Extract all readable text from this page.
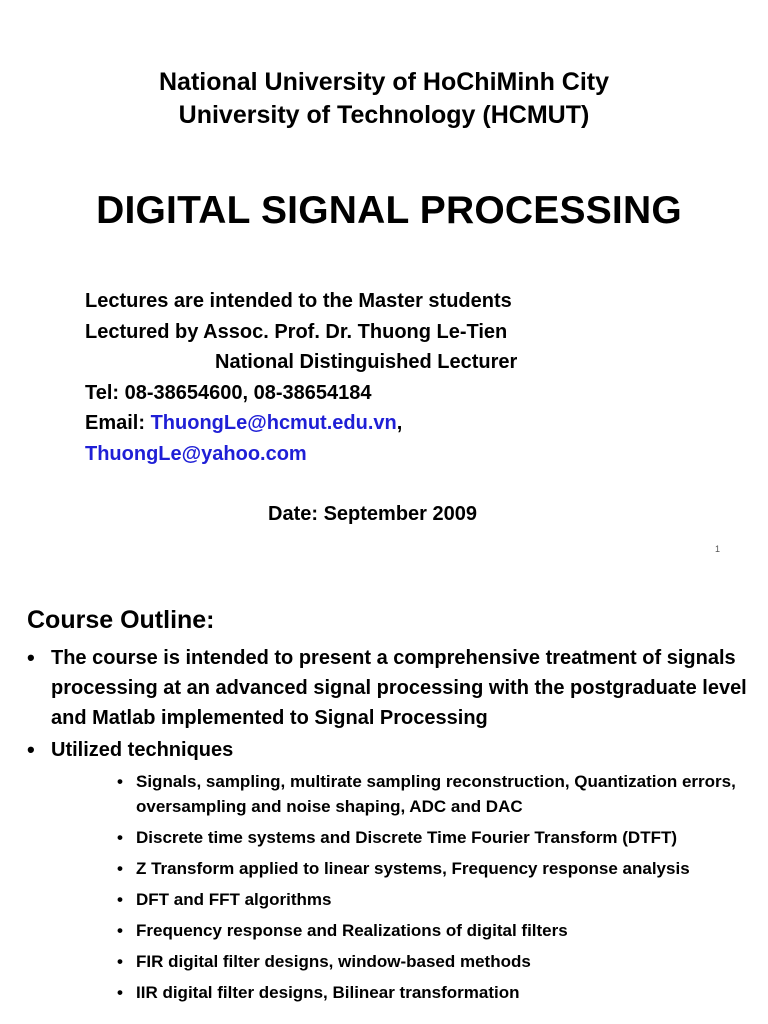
National University of HoChiMinh City
University of Technology (HCMUT)
DIGITAL SIGNAL PROCESSING
Lectures are intended to the Master students
Lectured by Assoc. Prof. Dr. Thuong Le-Tien
National Distinguished Lecturer
Tel: 08-38654600, 08-38654184
Email: ThuongLe@hcmut.edu.vn,
ThuongLe@yahoo.com
Date: September 2009
1
Course Outline:
• The course is intended to present a comprehensive treatment of signals processing at an advanced signal processing with the postgraduate level and Matlab implemented to Signal Processing
• Utilized techniques
• Signals, sampling, multirate sampling reconstruction, Quantization errors, oversampling and noise shaping, ADC and DAC
• Discrete time systems and Discrete Time Fourier Transform (DTFT)
• Z Transform applied to linear systems, Frequency response analysis
• DFT and FFT algorithms
• Frequency response and Realizations of digital filters
• FIR digital filter designs, window-based methods
• IIR digital filter designs, Bilinear transformation
